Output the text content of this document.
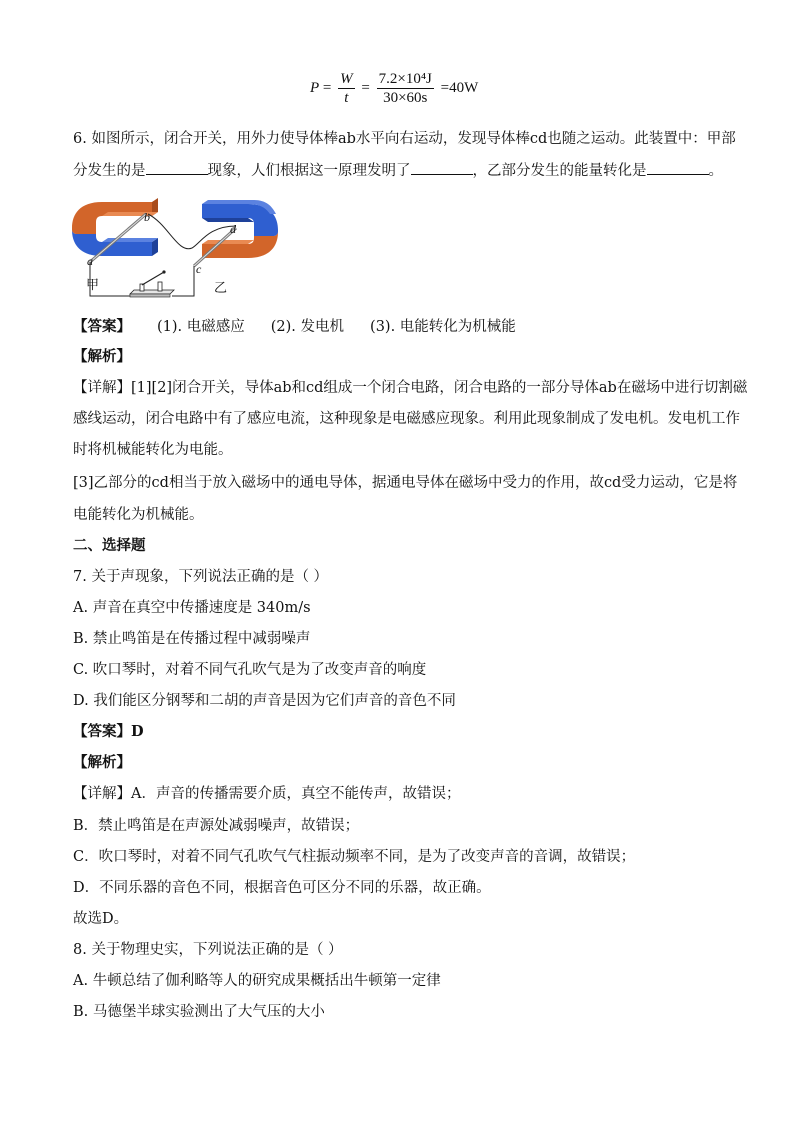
$P = \frac{W}{t} = \frac{\text{7.2×10⁴J}}{30\times 60s} =40W$
6. 如图所示，闭合开关，用外力使导体棒ab水平向右运动，发现导体棒cd也随之运动。此装置中：甲部
分发生的是	现象，人们根据这一原理发明了	，乙部分发生的能量转化是	。
b
a
d
c
甲	乙
【答案】 (1). 电磁感应 (2). 发电机 (3). 电能转化为机械能
【解析】
【详解】[1][2]闭合开关，导体ab和cd组成一个闭合电路，闭合电路的一部分导体ab在磁场中进行切割磁
感线运动，闭合电路中有了感应电流，这种现象是电磁感应现象。利用此现象制成了发电机。发电机工作
时将机械能转化为电能。
[3]乙部分的cd相当于放入磁场中的通电导体，据通电导体在磁场中受力的作用，故cd受力运动，它是将
电能转化为机械能。
二、选择题
7. 关于声现象，下列说法正确的是（ ）
A. 声音在真空中传播速度是 340m/s
B. 禁止鸣笛是在传播过程中减弱噪声
C. 吹口琴时，对着不同气孔吹气是为了改变声音的响度
D. 我们能区分钢琴和二胡的声音是因为它们声音的音色不同
【答案】D
【解析】
【详解】A．声音的传播需要介质，真空不能传声，故错误；
B．禁止鸣笛是在声源处减弱噪声，故错误；
C．吹口琴时，对着不同气孔吹气气柱振动频率不同，是为了改变声音的音调，故错误；
D．不同乐器的音色不同，根据音色可区分不同的乐器，故正确。
故选D。
8. 关于物理史实，下列说法正确的是（ ）
A. 牛顿总结了伽利略等人的研究成果概括出牛顿第一定律
B. 马德堡半球实验测出了大气压的大小
